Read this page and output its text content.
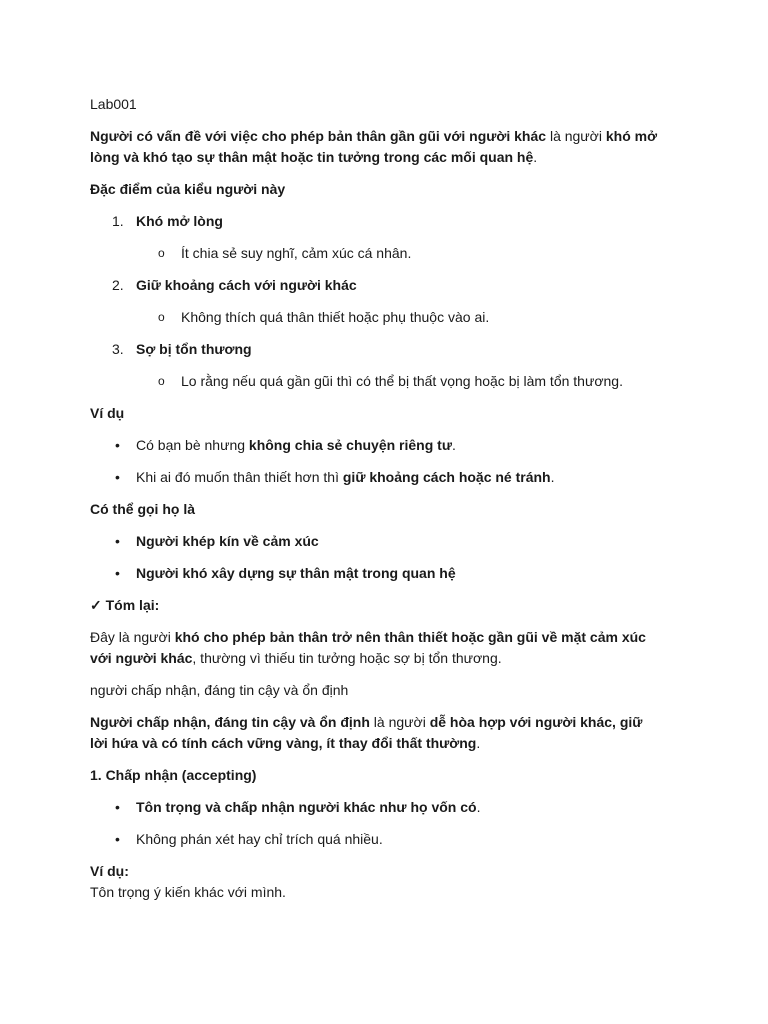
Lab001

Người có vấn đề với việc cho phép bản thân gần gũi với người khác là người khó mở lòng và khó tạo sự thân mật hoặc tin tưởng trong các mối quan hệ.

Đặc điểm của kiểu người này

1. Khó mở lòng
o Ít chia sẻ suy nghĩ, cảm xúc cá nhân.
2. Giữ khoảng cách với người khác
o Không thích quá thân thiết hoặc phụ thuộc vào ai.
3. Sợ bị tổn thương
o Lo rằng nếu quá gần gũi thì có thể bị thất vọng hoặc bị làm tổn thương.

Ví dụ

• Có bạn bè nhưng không chia sẻ chuyện riêng tư.
• Khi ai đó muốn thân thiết hơn thì giữ khoảng cách hoặc né tránh.

Có thể gọi họ là

• Người khép kín về cảm xúc
• Người khó xây dựng sự thân mật trong quan hệ

✓ Tóm lại:

Đây là người khó cho phép bản thân trở nên thân thiết hoặc gần gũi về mặt cảm xúc với người khác, thường vì thiếu tin tưởng hoặc sợ bị tổn thương.

người chấp nhận, đáng tin cậy và ổn định

Người chấp nhận, đáng tin cậy và ổn định là người dễ hòa hợp với người khác, giữ lời hứa và có tính cách vững vàng, ít thay đổi thất thường.

1. Chấp nhận (accepting)

• Tôn trọng và chấp nhận người khác như họ vốn có.
• Không phán xét hay chỉ trích quá nhiều.

Ví dụ:

Tôn trọng ý kiến khác với mình.
